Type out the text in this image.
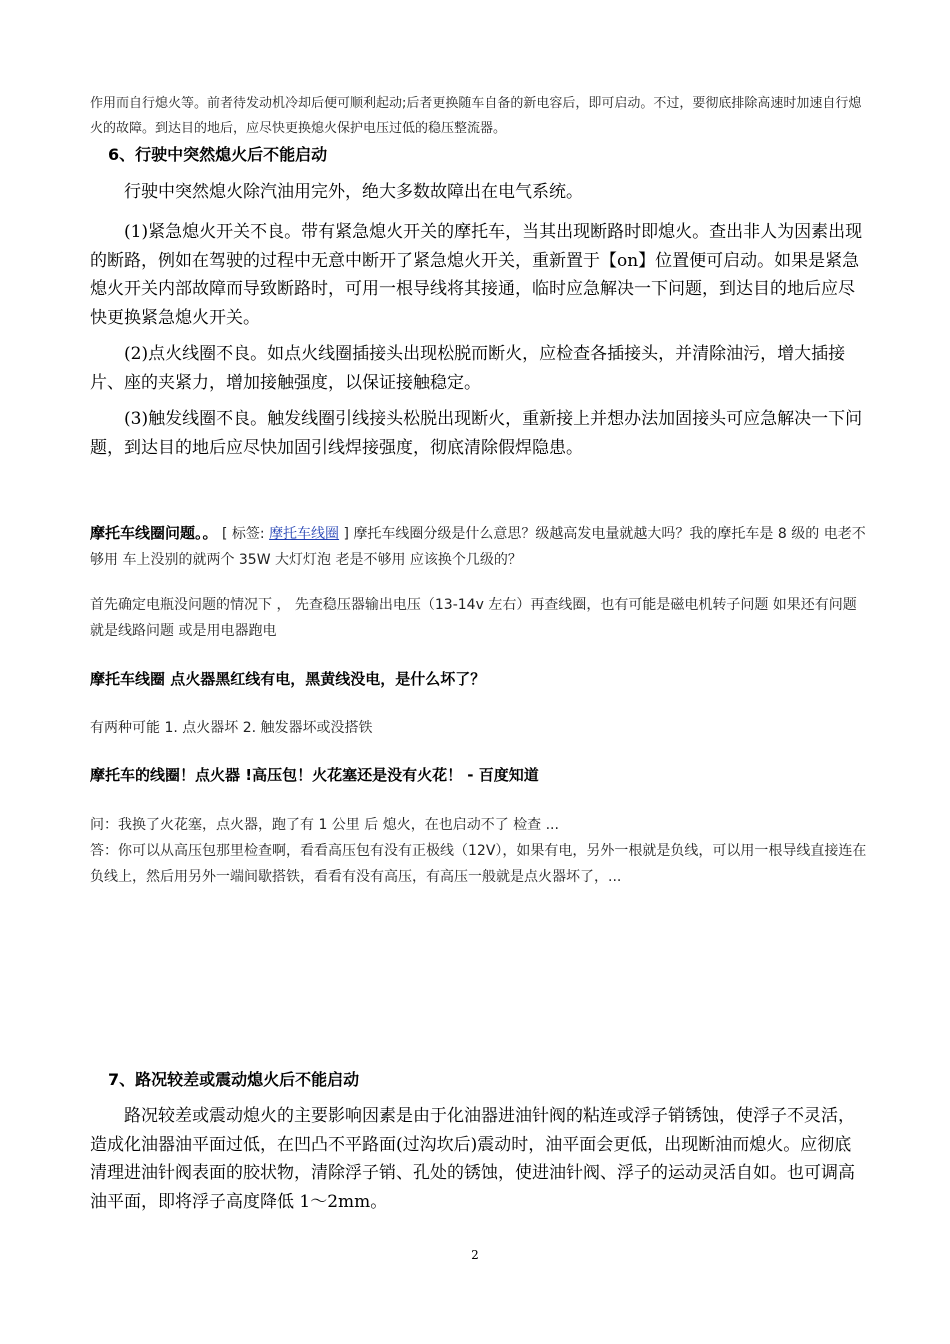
作用而自行熄火等。前者待发动机冷却后便可顺利起动;后者更换随车自备的新电容后，即可启动。不过，要彻底排除高速时加速自行熄火的故障。到达目的地后，应尽快更换熄火保护电压过低的稳压整流器。

6、行驶中突然熄火后不能启动

行驶中突然熄火除汽油用完外，绝大多数故障出在电气系统。

(1)紧急熄火开关不良。带有紧急熄火开关的摩托车，当其出现断路时即熄火。查出非人为因素出现的断路，例如在驾驶的过程中无意中断开了紧急熄火开关，重新置于【on】位置便可启动。如果是紧急熄火开关内部故障而导致断路时，可用一根导线将其接通，临时应急解决一下问题，到达目的地后应尽快更换紧急熄火开关。

(2)点火线圈不良。如点火线圈插接头出现松脱而断火，应检查各插接头，并清除油污，增大插接片、座的夹紧力，增加接触强度，以保证接触稳定。

(3)触发线圈不良。触发线圈引线接头松脱出现断火，重新接上并想办法加固接头可应急解决一下问题，到达目的地后应尽快加固引线焊接强度，彻底清除假焊隐患。

摩托车线圈问题。。 [ 标签: 摩托车线圈 ] 摩托车线圈分级是什么意思？级越高发电量就越大吗？我的摩托车是 8 级的 电老不够用 车上没别的就两个 35W 大灯灯泡 老是不够用 应该换个几级的？

首先确定电瓶没问题的情况下 ， 先查稳压器输出电压（13-14v 左右）再查线圈，也有可能是磁电机转子问题 如果还有问题就是线路问题 或是用电器跑电

摩托车线圈 点火器黑红线有电，黑黄线没电，是什么坏了？

有两种可能 1. 点火器坏 2. 触发器坏或没搭铁

摩托车的线圈！点火器 !高压包！火花塞还是没有火花！ - 百度知道

问：我换了火花塞，点火器，跑了有 1 公里 后 熄火，在也启动不了 检查 ...

答：你可以从高压包那里检查啊，看看高压包有没有正极线（12V），如果有电，另外一根就是负线，可以用一根导线直接连在负线上，然后用另外一端间歇搭铁，看看有没有高压，有高压一般就是点火器坏了，...

7、路况较差或震动熄火后不能启动

路况较差或震动熄火的主要影响因素是由于化油器进油针阀的粘连或浮子销锈蚀，使浮子不灵活，造成化油器油平面过低，在凹凸不平路面(过沟坎后)震动时，油平面会更低，出现断油而熄火。应彻底清理进油针阀表面的胶状物，清除浮子销、孔处的锈蚀，使进油针阀、浮子的运动灵活自如。也可调高油平面，即将浮子高度降低 1～2mm。

2
